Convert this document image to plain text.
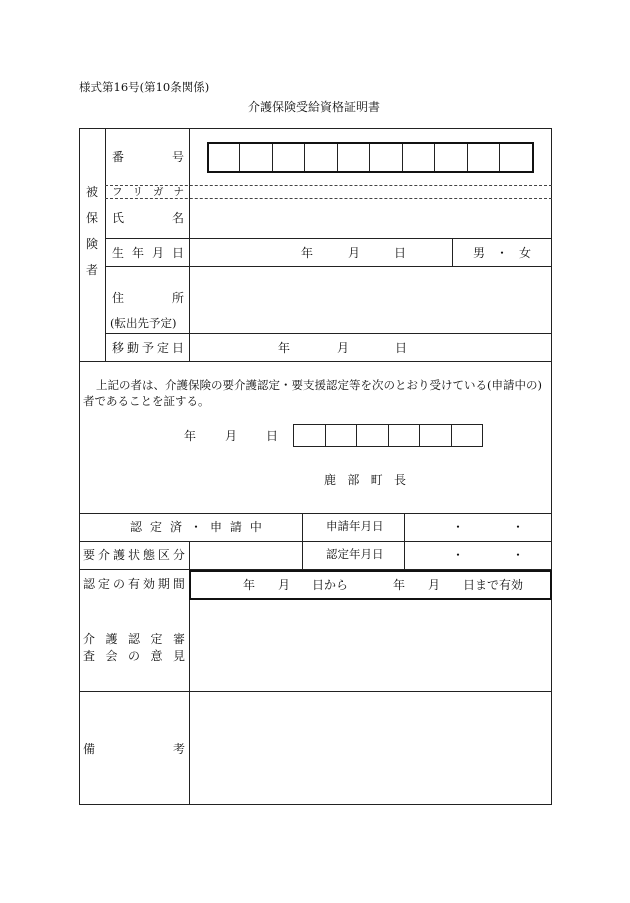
様式第16号(第10条関係)
介護保険受給資格証明書
被
保
険
者
番	号
フ リ ガ ナ
氏	名
生 年 月 日	年	月	日	男 ・ 女
住	所
(転出先予定)
移 動 予 定 日	年	月	日
上記の者は、介護保険の要介護認定・要支援認定等を次のとおり受けている(申請中の)
者であることを証する。
年 月 日
鹿 部 町 長
認 定 済 ・ 申 請 中	申請年月日	・　　　　・
要 介 護 状 態 区 分	認定年月日	・　　　　・
認 定 の 有 効 期 間	年 月 日から	年 月 日まで有効
介 護 認 定 審
査 会 の 意 見
備	考
